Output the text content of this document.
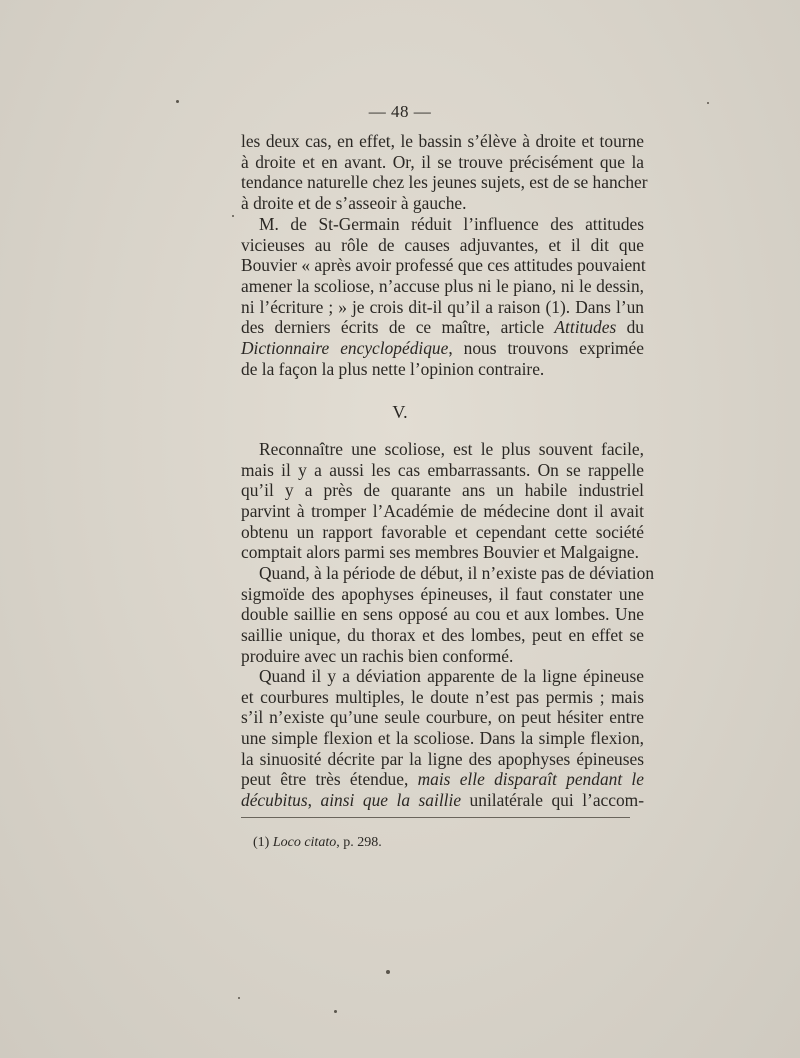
— 48 —
les deux cas, en effet, le bassin s’élève à droite et tourne
à droite et en avant. Or, il se trouve précisément que la
tendance naturelle chez les jeunes sujets, est de se hancher
à droite et de s’asseoir à gauche.
M. de St-Germain réduit l’influence des attitudes
vicieuses au rôle de causes adjuvantes, et il dit que
Bouvier « après avoir professé que ces attitudes pouvaient
amener la scoliose, n’accuse plus ni le piano, ni le dessin,
ni l’écriture ; » je crois dit-il qu’il a raison (1). Dans l’un
des derniers écrits de ce maître, article Attitudes du
Dictionnaire encyclopédique, nous trouvons exprimée
de la façon la plus nette l’opinion contraire.
V.
Reconnaître une scoliose, est le plus souvent facile,
mais il y a aussi les cas embarrassants. On se rappelle
qu’il y a près de quarante ans un habile industriel
parvint à tromper l’Académie de médecine dont il avait
obtenu un rapport favorable et cependant cette société
comptait alors parmi ses membres Bouvier et Malgaigne.
Quand, à la période de début, il n’existe pas de déviation
sigmoïde des apophyses épineuses, il faut constater une
double saillie en sens opposé au cou et aux lombes. Une
saillie unique, du thorax et des lombes, peut en effet se
produire avec un rachis bien conformé.
Quand il y a déviation apparente de la ligne épineuse
et courbures multiples, le doute n’est pas permis ; mais
s’il n’existe qu’une seule courbure, on peut hésiter entre
une simple flexion et la scoliose. Dans la simple flexion,
la sinuosité décrite par la ligne des apophyses épineuses
peut être très étendue, mais elle disparaît pendant le
décubitus, ainsi que la saillie unilatérale qui l’accom-
(1) Loco citato, p. 298.
